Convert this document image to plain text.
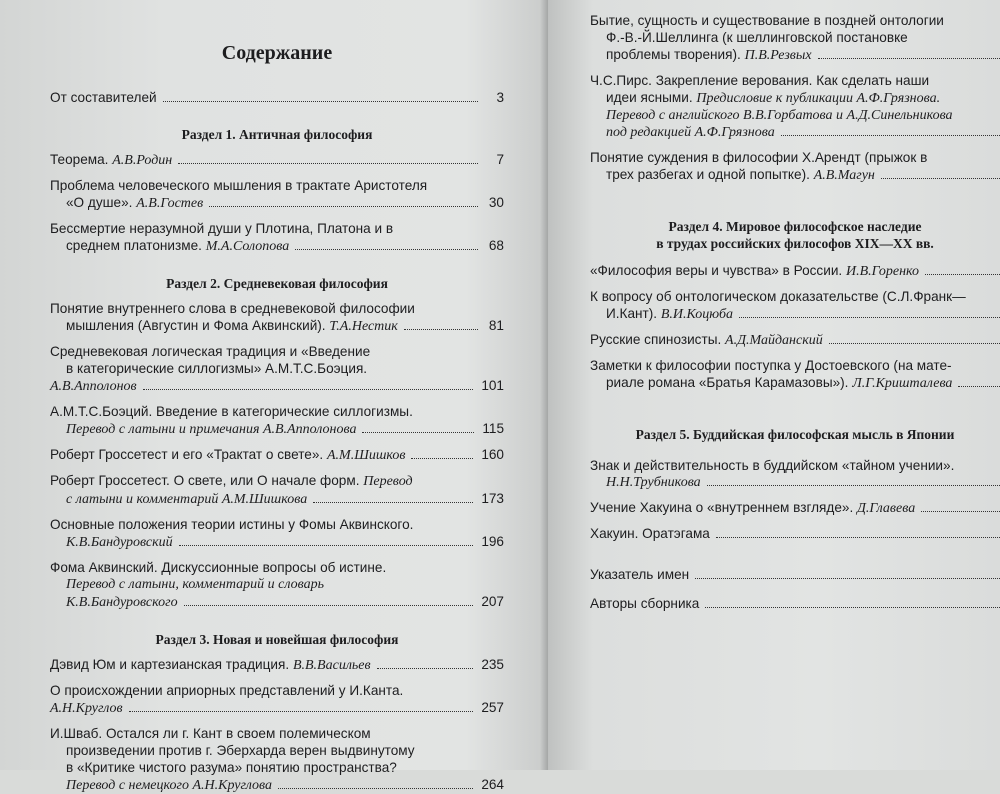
Содержание
От составителей	3
Раздел 1. Античная философия
Теорема. А.В.Родин	7
Проблема человеческого мышления в трактате Аристотеля
«О душе». А.В.Гостев	30
Бессмертие неразумной души у Плотина, Платона и в
среднем платонизме. М.А.Солопова	68
Раздел 2. Средневековая философия
Понятие внутреннего слова в средневековой философии
мышления (Августин и Фома Аквинский). Т.А.Нестик	81
Средневековая логическая традиция и «Введение
в категорические силлогизмы» А.М.Т.С.Боэция.
А.В.Апполонов	101
А.М.Т.С.Боэций. Введение в категорические силлогизмы.
Перевод с латыни и примечания А.В.Апполонова	115
Роберт Гроссетест и его «Трактат о свете». А.М.Шишков	160
Роберт Гроссетест. О свете, или О начале форм. Перевод
с латыни и комментарий А.М.Шишкова	173
Основные положения теории истины у Фомы Аквинского.
К.В.Бандуровский	196
Фома Аквинский. Дискуссионные вопросы об истине.
Перевод с латыни, комментарий и словарь
К.В.Бандуровского	207
Раздел 3. Новая и новейшая философия
Дэвид Юм и картезианская традиция. В.В.Васильев	235
О происхождении априорных представлений у И.Канта.
А.Н.Круглов	257
И.Шваб. Остался ли г. Кант в своем полемическом
произведении против г. Эберхарда верен выдвинутому
в «Критике чистого разума» понятию пространства?
Перевод с немецкого А.Н.Круглова	264
Бытие, сущность и существование в поздней онтологии
Ф.-В.-Й.Шеллинга (к шеллинговской постановке
проблемы творения). П.В.Резвых
Ч.С.Пирс. Закрепление верования. Как сделать наши
идеи ясными. Предисловие к публикации А.Ф.Грязнова.
Перевод с английского В.В.Горбатова и А.Д.Синельникова
под редакцией А.Ф.Грязнова
Понятие суждения в философии Х.Арендт (прыжок в
трех разбегах и одной попытке). А.В.Магун
Раздел 4. Мировое философское наследие
в трудах российских философов XIX—XX вв.
«Философия веры и чувства» в России. И.В.Горенко
К вопросу об онтологическом доказательстве (С.Л.Франк—
И.Кант). В.И.Коцюба
Русские спинозисты. А.Д.Майданский
Заметки к философии поступка у Достоевского (на мате-
риале романа «Братья Карамазовы»). Л.Г.Кришталева
Раздел 5. Буддийская философская мысль в Японии
Знак и действительность в буддийском «тайном учении».
Н.Н.Трубникова
Учение Хакуина о «внутреннем взгляде». Д.Главева
Хакуин. Оратэгама
Указатель имен
Авторы сборника
